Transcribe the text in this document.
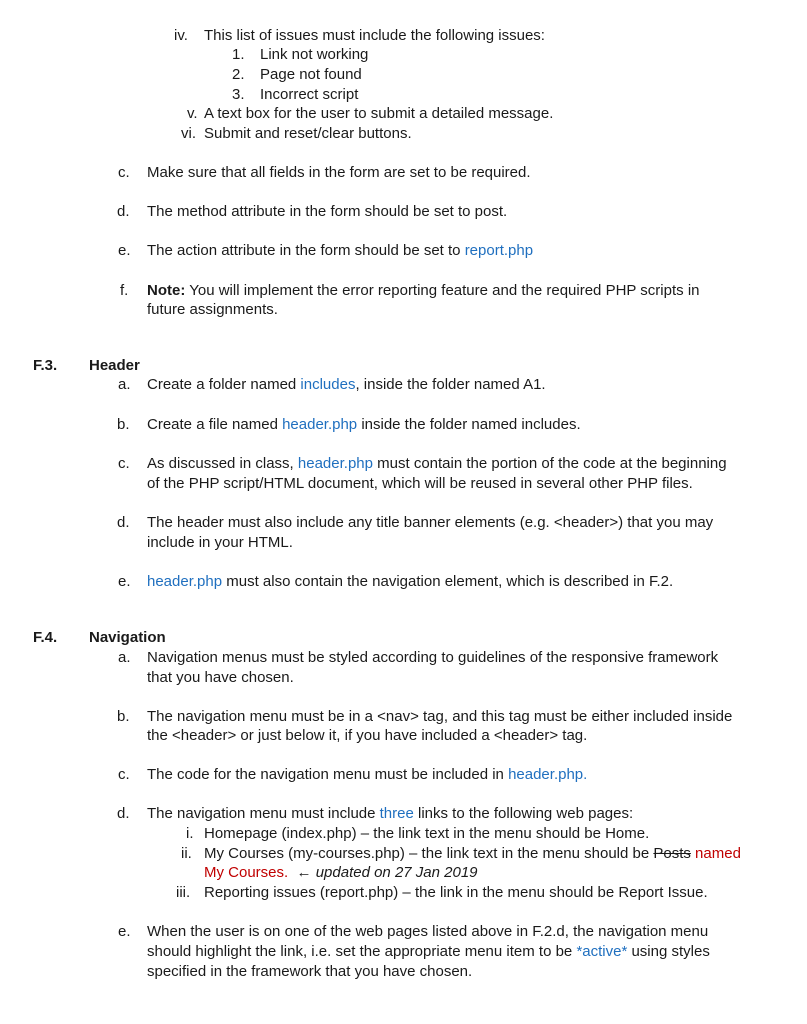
iv. This list of issues must include the following issues:
1. Link not working
2. Page not found
3. Incorrect script
v. A text box for the user to submit a detailed message.
vi. Submit and reset/clear buttons.
c. Make sure that all fields in the form are set to be required.
d. The method attribute in the form should be set to post.
e. The action attribute in the form should be set to report.php
f. Note: You will implement the error reporting feature and the required PHP scripts in
future assignments.
F.3. Header
a. Create a folder named includes, inside the folder named A1.
b. Create a file named header.php inside the folder named includes.
c. As discussed in class, header.php must contain the portion of the code at the beginning
of the PHP script/HTML document, which will be reused in several other PHP files.
d. The header must also include any title banner elements (e.g. <header>) that you may
include in your HTML.
e. header.php must also contain the navigation element, which is described in F.2.
F.4. Navigation
a. Navigation menus must be styled according to guidelines of the responsive framework
that you have chosen.
b. The navigation menu must be in a <nav> tag, and this tag must be either included inside
the <header> or just below it, if you have included a <header> tag.
c. The code for the navigation menu must be included in header.php.
d. The navigation menu must include three links to the following web pages:
i. Homepage (index.php) – the link text in the menu should be Home.
ii. My Courses (my-courses.php) – the link text in the menu should be Posts named
My Courses. ← updated on 27 Jan 2019
iii. Reporting issues (report.php) – the link in the menu should be Report Issue.
e. When the user is on one of the web pages listed above in F.2.d, the navigation menu
should highlight the link, i.e. set the appropriate menu item to be *active* using styles
specified in the framework that you have chosen.
